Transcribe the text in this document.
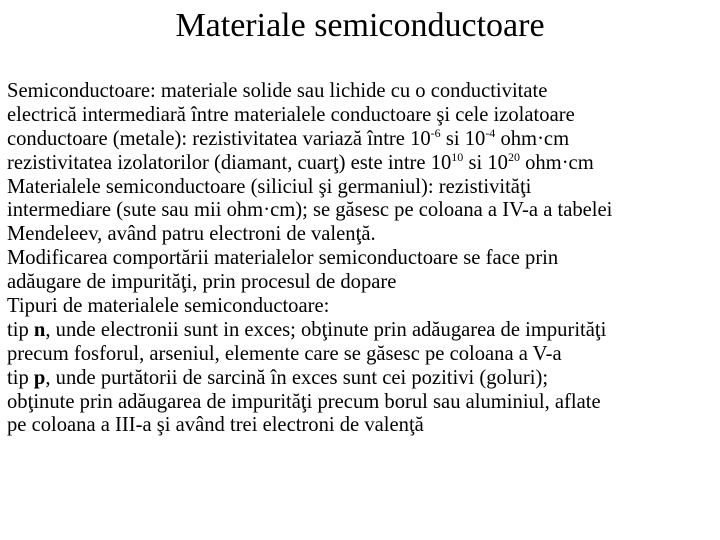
Materiale semiconductoare
Semiconductoare: materiale solide sau lichide cu o conductivitate
electrică intermediară între materialele conductoare şi cele izolatoare
conductoare (metale): rezistivitatea variază între $10^{-6}$ si $10^{-4}$ ohm·cm
rezistivitatea izolatorilor (diamant, cuarţ) este intre $10^{10}$ si $10^{20}$ ohm·cm
Materialele semiconductoare (siliciul şi germaniul): rezistivităţi
intermediare (sute sau mii ohm·cm); se găsesc pe coloana a IV-a a tabelei
Mendeleev, având patru electroni de valenţă.
Modificarea comportării materialelor semiconductoare se face prin
adăugare de impurităţi, prin procesul de dopare
Tipuri de materialele semiconductoare:
tip n, unde electronii sunt in exces; obţinute prin adăugarea de impurităţi
precum fosforul, arseniul, elemente care se găsesc pe coloana a V-a
tip p, unde purtătorii de sarcină în exces sunt cei pozitivi (goluri);
obţinute prin adăugarea de impurităţi precum borul sau aluminiul, aflate
pe coloana a III-a şi având trei electroni de valenţă
